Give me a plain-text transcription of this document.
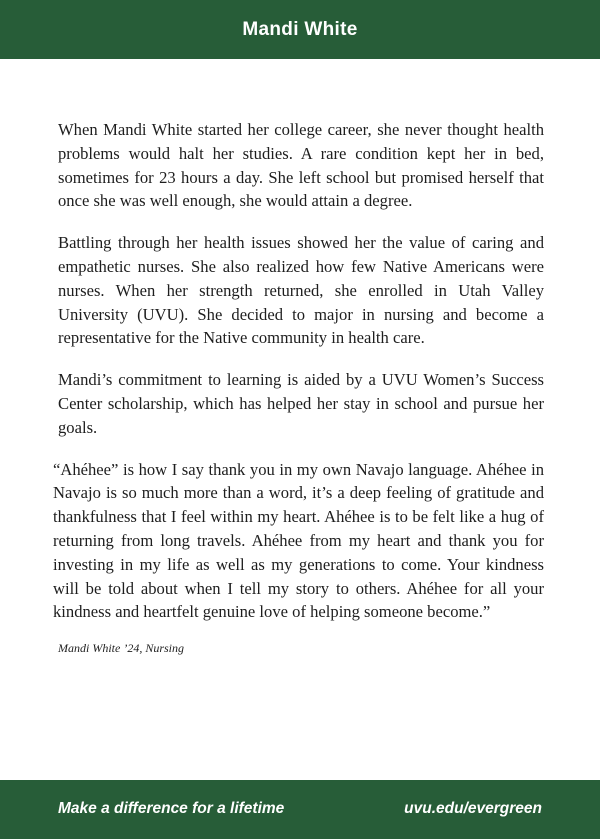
Mandi White

When Mandi White started her college career, she never thought health problems would halt her studies. A rare condition kept her in bed, sometimes for 23 hours a day. She left school but promised herself that once she was well enough, she would attain a degree.

Battling through her health issues showed her the value of caring and empathetic nurses. She also realized how few Native Americans were nurses. When her strength returned, she enrolled in Utah Valley University (UVU). She decided to major in nursing and become a representative for the Native community in health care.

Mandi’s commitment to learning is aided by a UVU Women’s Success Center scholarship, which has helped her stay in school and pursue her goals.

“Ahéhee” is how I say thank you in my own Navajo language. Ahéhee in Navajo is so much more than a word, it’s a deep feeling of gratitude and thankfulness that I feel within my heart. Ahéhee is to be felt like a hug of returning from long travels. Ahéhee from my heart and thank you for investing in my life as well as my generations to come. Your kindness will be told about when I tell my story to others. Ahéhee for all your kindness and heartfelt genuine love of helping someone become.”

Mandi White ’24, Nursing

Make a difference for a lifetime	uvu.edu/evergreen
